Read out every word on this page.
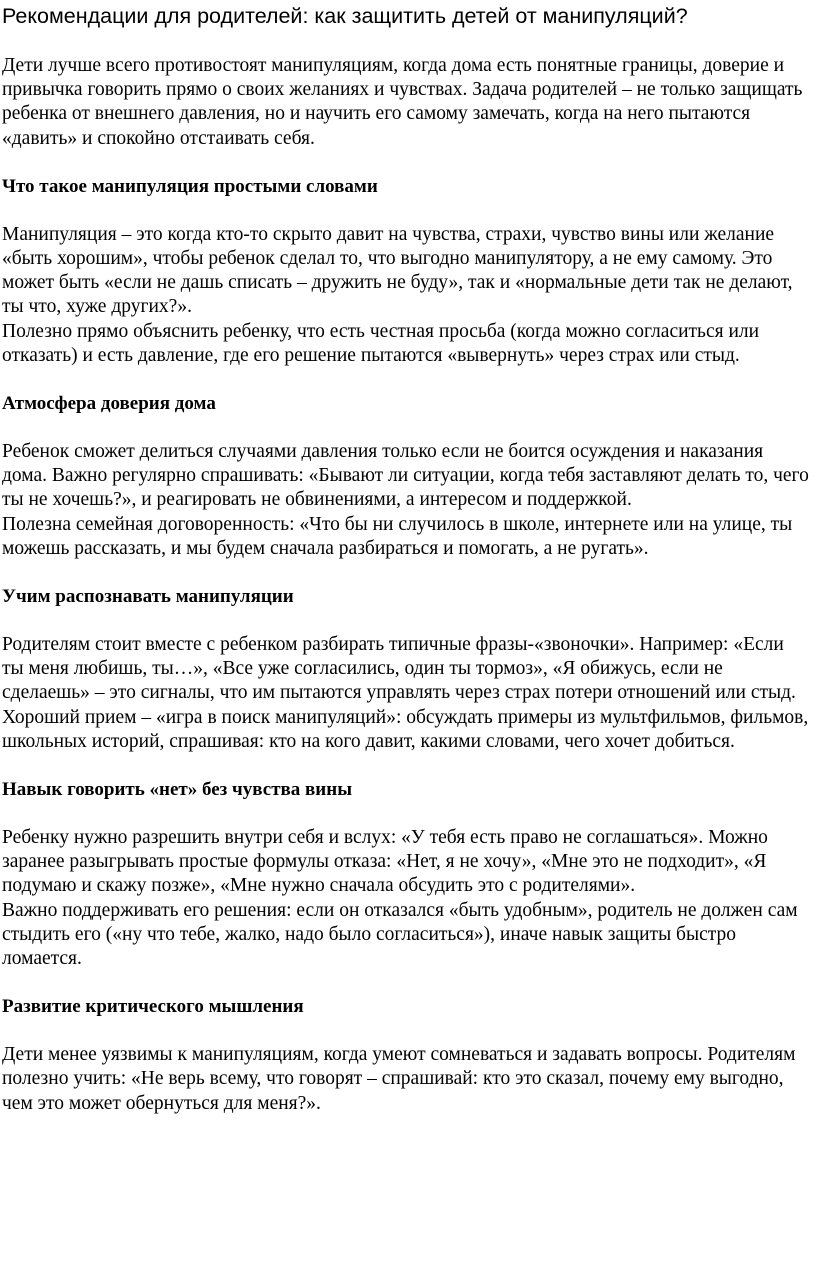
Рекомендации для родителей: как защитить детей от манипуляций?

Дети лучше всего противостоят манипуляциям, когда дома есть понятные границы, доверие и привычка говорить прямо о своих желаниях и чувствах. Задача родителей – не только защищать ребенка от внешнего давления, но и научить его самому замечать, когда на него пытаются «давить» и спокойно отстаивать себя.

Что такое манипуляция простыми словами

Манипуляция – это когда кто-то скрыто давит на чувства, страхи, чувство вины или желание «быть хорошим», чтобы ребенок сделал то, что выгодно манипулятору, а не ему самому. Это может быть «если не дашь списать – дружить не буду», так и «нормальные дети так не делают, ты что, хуже других?».

Полезно прямо объяснить ребенку, что есть честная просьба (когда можно согласиться или отказать) и есть давление, где его решение пытаются «вывернуть» через страх или стыд.

Атмосфера доверия дома

Ребенок сможет делиться случаями давления только если не боится осуждения и наказания дома. Важно регулярно спрашивать: «Бывают ли ситуации, когда тебя заставляют делать то, чего ты не хочешь?», и реагировать не обвинениями, а интересом и поддержкой.

Полезна семейная договоренность: «Что бы ни случилось в школе, интернете или на улице, ты можешь рассказать, и мы будем сначала разбираться и помогать, а не ругать».

Учим распознавать манипуляции

Родителям стоит вместе с ребенком разбирать типичные фразы-«звоночки». Например: «Если ты меня любишь, ты…», «Все уже согласились, один ты тормоз», «Я обижусь, если не сделаешь» – это сигналы, что им пытаются управлять через страх потери отношений или стыд.

Хороший прием – «игра в поиск манипуляций»: обсуждать примеры из мультфильмов, фильмов, школьных историй, спрашивая: кто на кого давит, какими словами, чего хочет добиться.

Навык говорить «нет» без чувства вины

Ребенку нужно разрешить внутри себя и вслух: «У тебя есть право не соглашаться». Можно заранее разыгрывать простые формулы отказа: «Нет, я не хочу», «Мне это не подходит», «Я подумаю и скажу позже», «Мне нужно сначала обсудить это с родителями».

Важно поддерживать его решения: если он отказался «быть удобным», родитель не должен сам стыдить его («ну что тебе, жалко, надо было согласиться»), иначе навык защиты быстро ломается.

Развитие критического мышления

Дети менее уязвимы к манипуляциям, когда умеют сомневаться и задавать вопросы. Родителям полезно учить: «Не верь всему, что говорят – спрашивай: кто это сказал, почему ему выгодно, чем это может обернуться для меня?».
